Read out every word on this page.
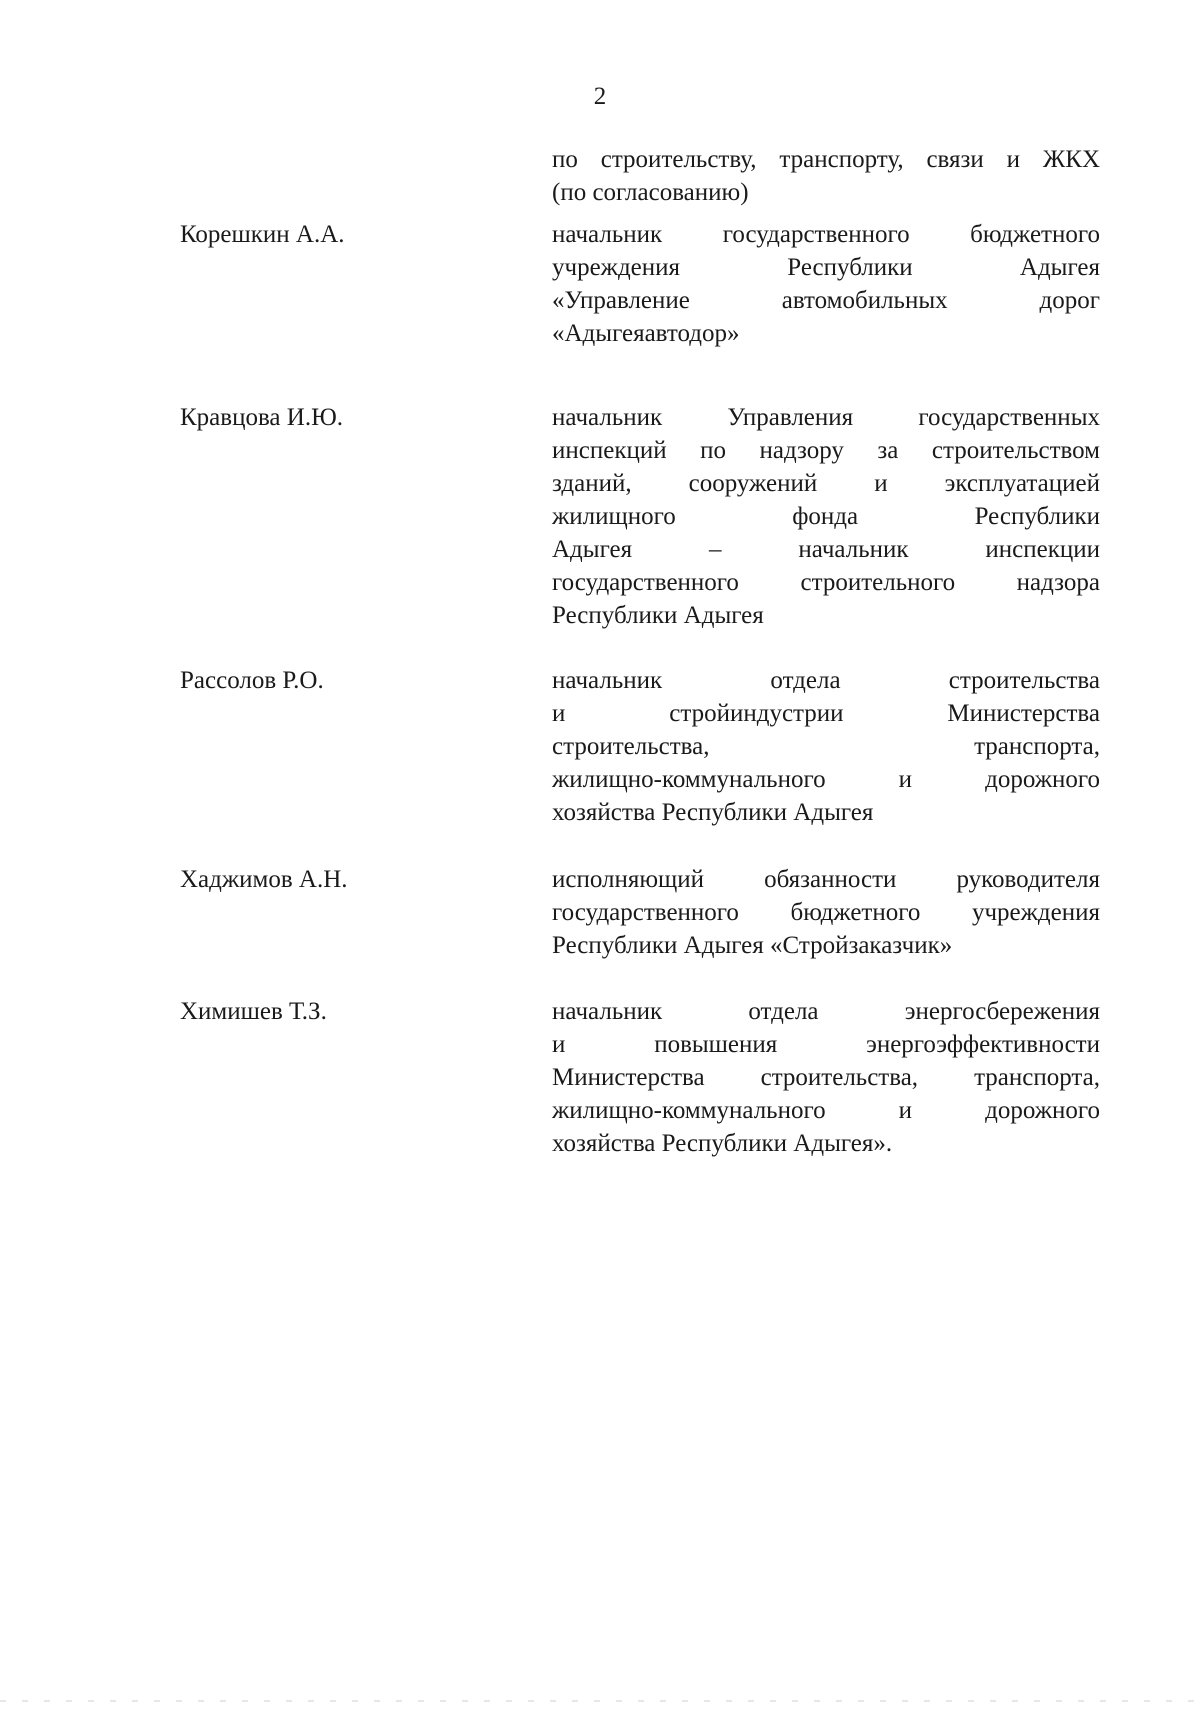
2
по строительству, транспорту, связи и ЖКХ
(по согласованию)
Корешкин А.А.	начальник государственного бюджетного
учреждения Республики Адыгея
«Управление автомобильных дорог
«Адыгеяавтодор»
Кравцова И.Ю.	начальник Управления государственных
инспекций по надзору за строительством
зданий, сооружений и эксплуатацией
жилищного фонда Республики
Адыгея – начальник инспекции
государственного строительного надзора
Республики Адыгея
Рассолов Р.О.	начальник отдела строительства
и стройиндустрии Министерства
строительства, транспорта,
жилищно-коммунального и дорожного
хозяйства Республики Адыгея
Хаджимов А.Н.	исполняющий обязанности руководителя
государственного бюджетного учреждения
Республики Адыгея «Стройзаказчик»
Химишев Т.З.	начальник отдела энергосбережения
и повышения энергоэффективности
Министерства строительства, транспорта,
жилищно-коммунального и дорожного
хозяйства Республики Адыгея».
